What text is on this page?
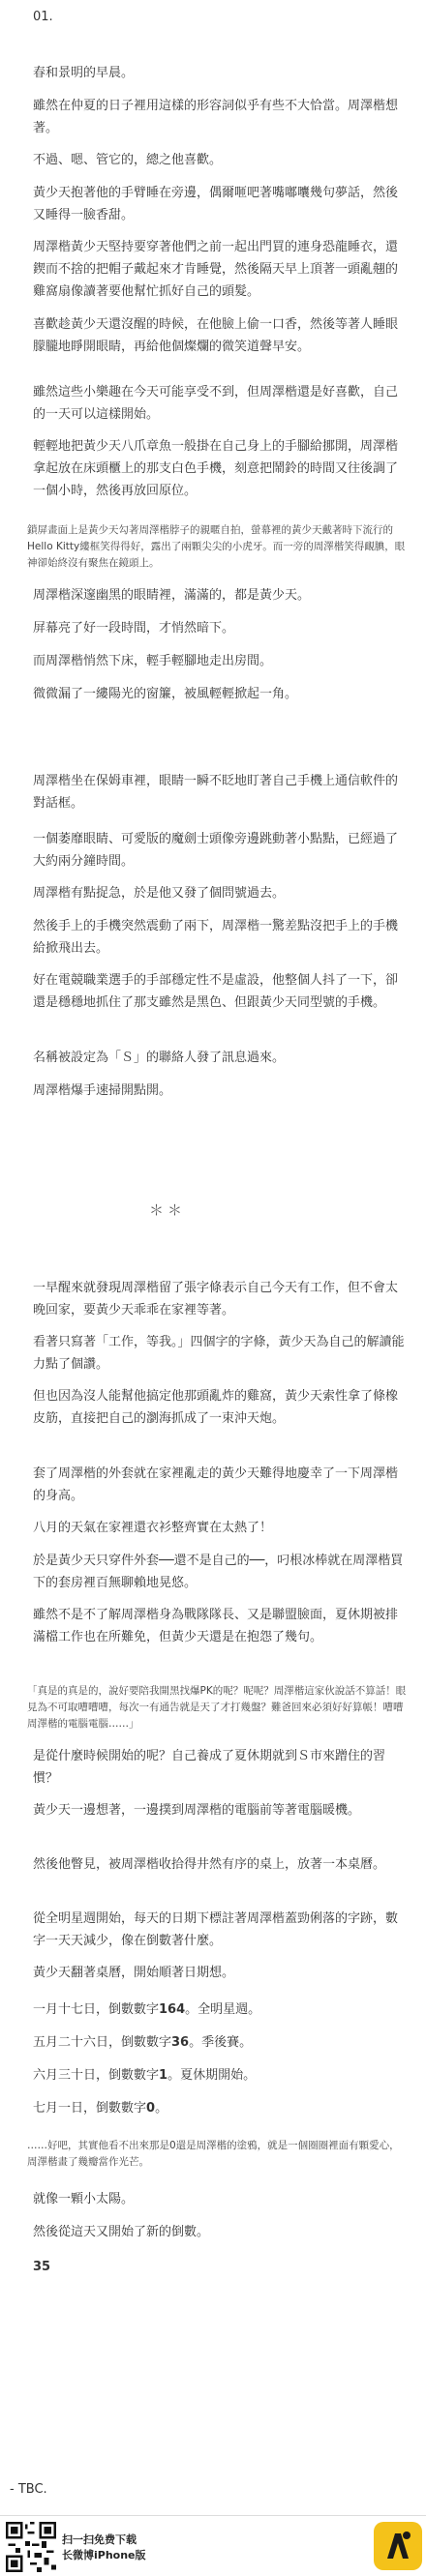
01.

春和景明的早晨。

雖然在仲夏的日子裡用這樣的形容詞似乎有些不大恰當。周澤楷想著。

不過、嗯、管它的，總之他喜歡。

黃少天抱著他的手臂睡在旁邊，偶爾咂吧著嘴嘟囔幾句夢話，然後又睡得一臉香甜。

周澤楷黃少天堅持要穿著他們之前一起出門買的連身恐龍睡衣，還鍥而不捨的把帽子戴起來才肯睡覺，然後隔天早上頂著一頭亂翹的雞窩扇像讀著要他幫忙抓好自己的頭髮。

喜歡趁黃少天還沒醒的時候，在他臉上偷一口香，然後等著人睡眼朦朧地睜開眼睛，再給他個燦爛的微笑道聲早安。

雖然這些小樂趣在今天可能享受不到，但周澤楷還是好喜歡，自己的一天可以這樣開始。

輕輕地把黃少天八爪章魚一般掛在自己身上的手腳給挪開，周澤楷拿起放在床頭櫃上的那支白色手機，刻意把鬧鈴的時間又往後調了一個小時，然後再放回原位。

鎖屏畫面上是黃少天勾著周澤楷脖子的親暱自拍，螢幕裡的黃少天戴著時下流行的Hello Kitty縷框笑得得好，露出了兩顆尖尖的小虎牙。而一旁的周澤楷笑得靦腆，眼神卻始終沒有聚焦在鏡頭上。

周澤楷深邃幽黑的眼睛裡，滿滿的，都是黃少天。

屏幕亮了好一段時間，才悄然暗下。

而周澤楷悄然下床，輕手輕腳地走出房間。

微微漏了一縷陽光的窗簾，被風輕輕掀起一角。

周澤楷坐在保姆車裡，眼睛一瞬不眨地盯著自己手機上通信軟件的對話框。

一個萎靡眼睛、可愛版的魔劍士頭像旁邊跳動著小點點，已經過了大約兩分鐘時間。

周澤楷有點捉急，於是他又發了個問號過去。

然後手上的手機突然震動了兩下，周澤楷一驚差點沒把手上的手機給掀飛出去。

好在電競職業選手的手部穩定性不是虛設，他整個人抖了一下，卻還是穩穩地抓住了那支雖然是黑色、但跟黃少天同型號的手機。

名稱被設定為「Ｓ」的聯絡人發了訊息過來。

周澤楷爆手速掃開點開。

＊＊

一早醒來就發現周澤楷留了張字條表示自己今天有工作，但不會太晚回家，要黃少天乖乖在家裡等著。

看著只寫著「工作，等我。」四個字的字條，黃少天為自己的解讀能力點了個讚。

但也因為沒人能幫他搞定他那頭亂炸的雞窩，黃少天索性拿了條橡皮筋，直接把自己的瀏海抓成了一束沖天炮。

套了周澤楷的外套就在家裡亂走的黃少天難得地慶幸了一下周澤楷的身高。

八月的天氣在家裡還衣衫整齊實在太熱了！

於是黃少天只穿件外套──還不是自己的──，叼根冰棒就在周澤楷買下的套房裡百無聊賴地晃悠。

雖然不是不了解周澤楷身為戰隊隊長、又是聯盟臉面，夏休期被排滿檔工作也在所難免，但黃少天還是在抱怨了幾句。

「真是的真是的，說好要陪我開黑找爆PK的呢？呢呢？周澤楷這家伙說話不算話！眼見為不可取嘈嘈嘈，每次一有通告就是天了才打幾盤？難爸回來必須好好算帳！嘈嘈周澤楷的電腦電腦……」

是從什麼時候開始的呢？自己養成了夏休期就到Ｓ市來蹭住的習慣？

黃少天一邊想著，一邊撲到周澤楷的電腦前等著電腦暖機。

然後他瞥見，被周澤楷收拾得井然有序的桌上，放著一本桌曆。

從全明星週開始，每天的日期下標註著周澤楷蓋勁俐落的字跡，數字一天天減少，像在倒數著什麼。

黃少天翻著桌曆，開始順著日期想。

一月十七日，倒數數字164。全明星週。

五月二十六日，倒數數字36。季後賽。

六月三十日，倒數數字1。夏休期開始。

七月一日，倒數數字0。

……好吧，其實他看不出來那是0還是周澤楷的塗鴉，就是一個圈圈裡面有顆愛心，周澤楷畫了幾瓣當作光芒。

就像一顆小太陽。

然後從這天又開始了新的倒數。

35

- TBC.

扫一扫免费下载

长微博iPhone版
